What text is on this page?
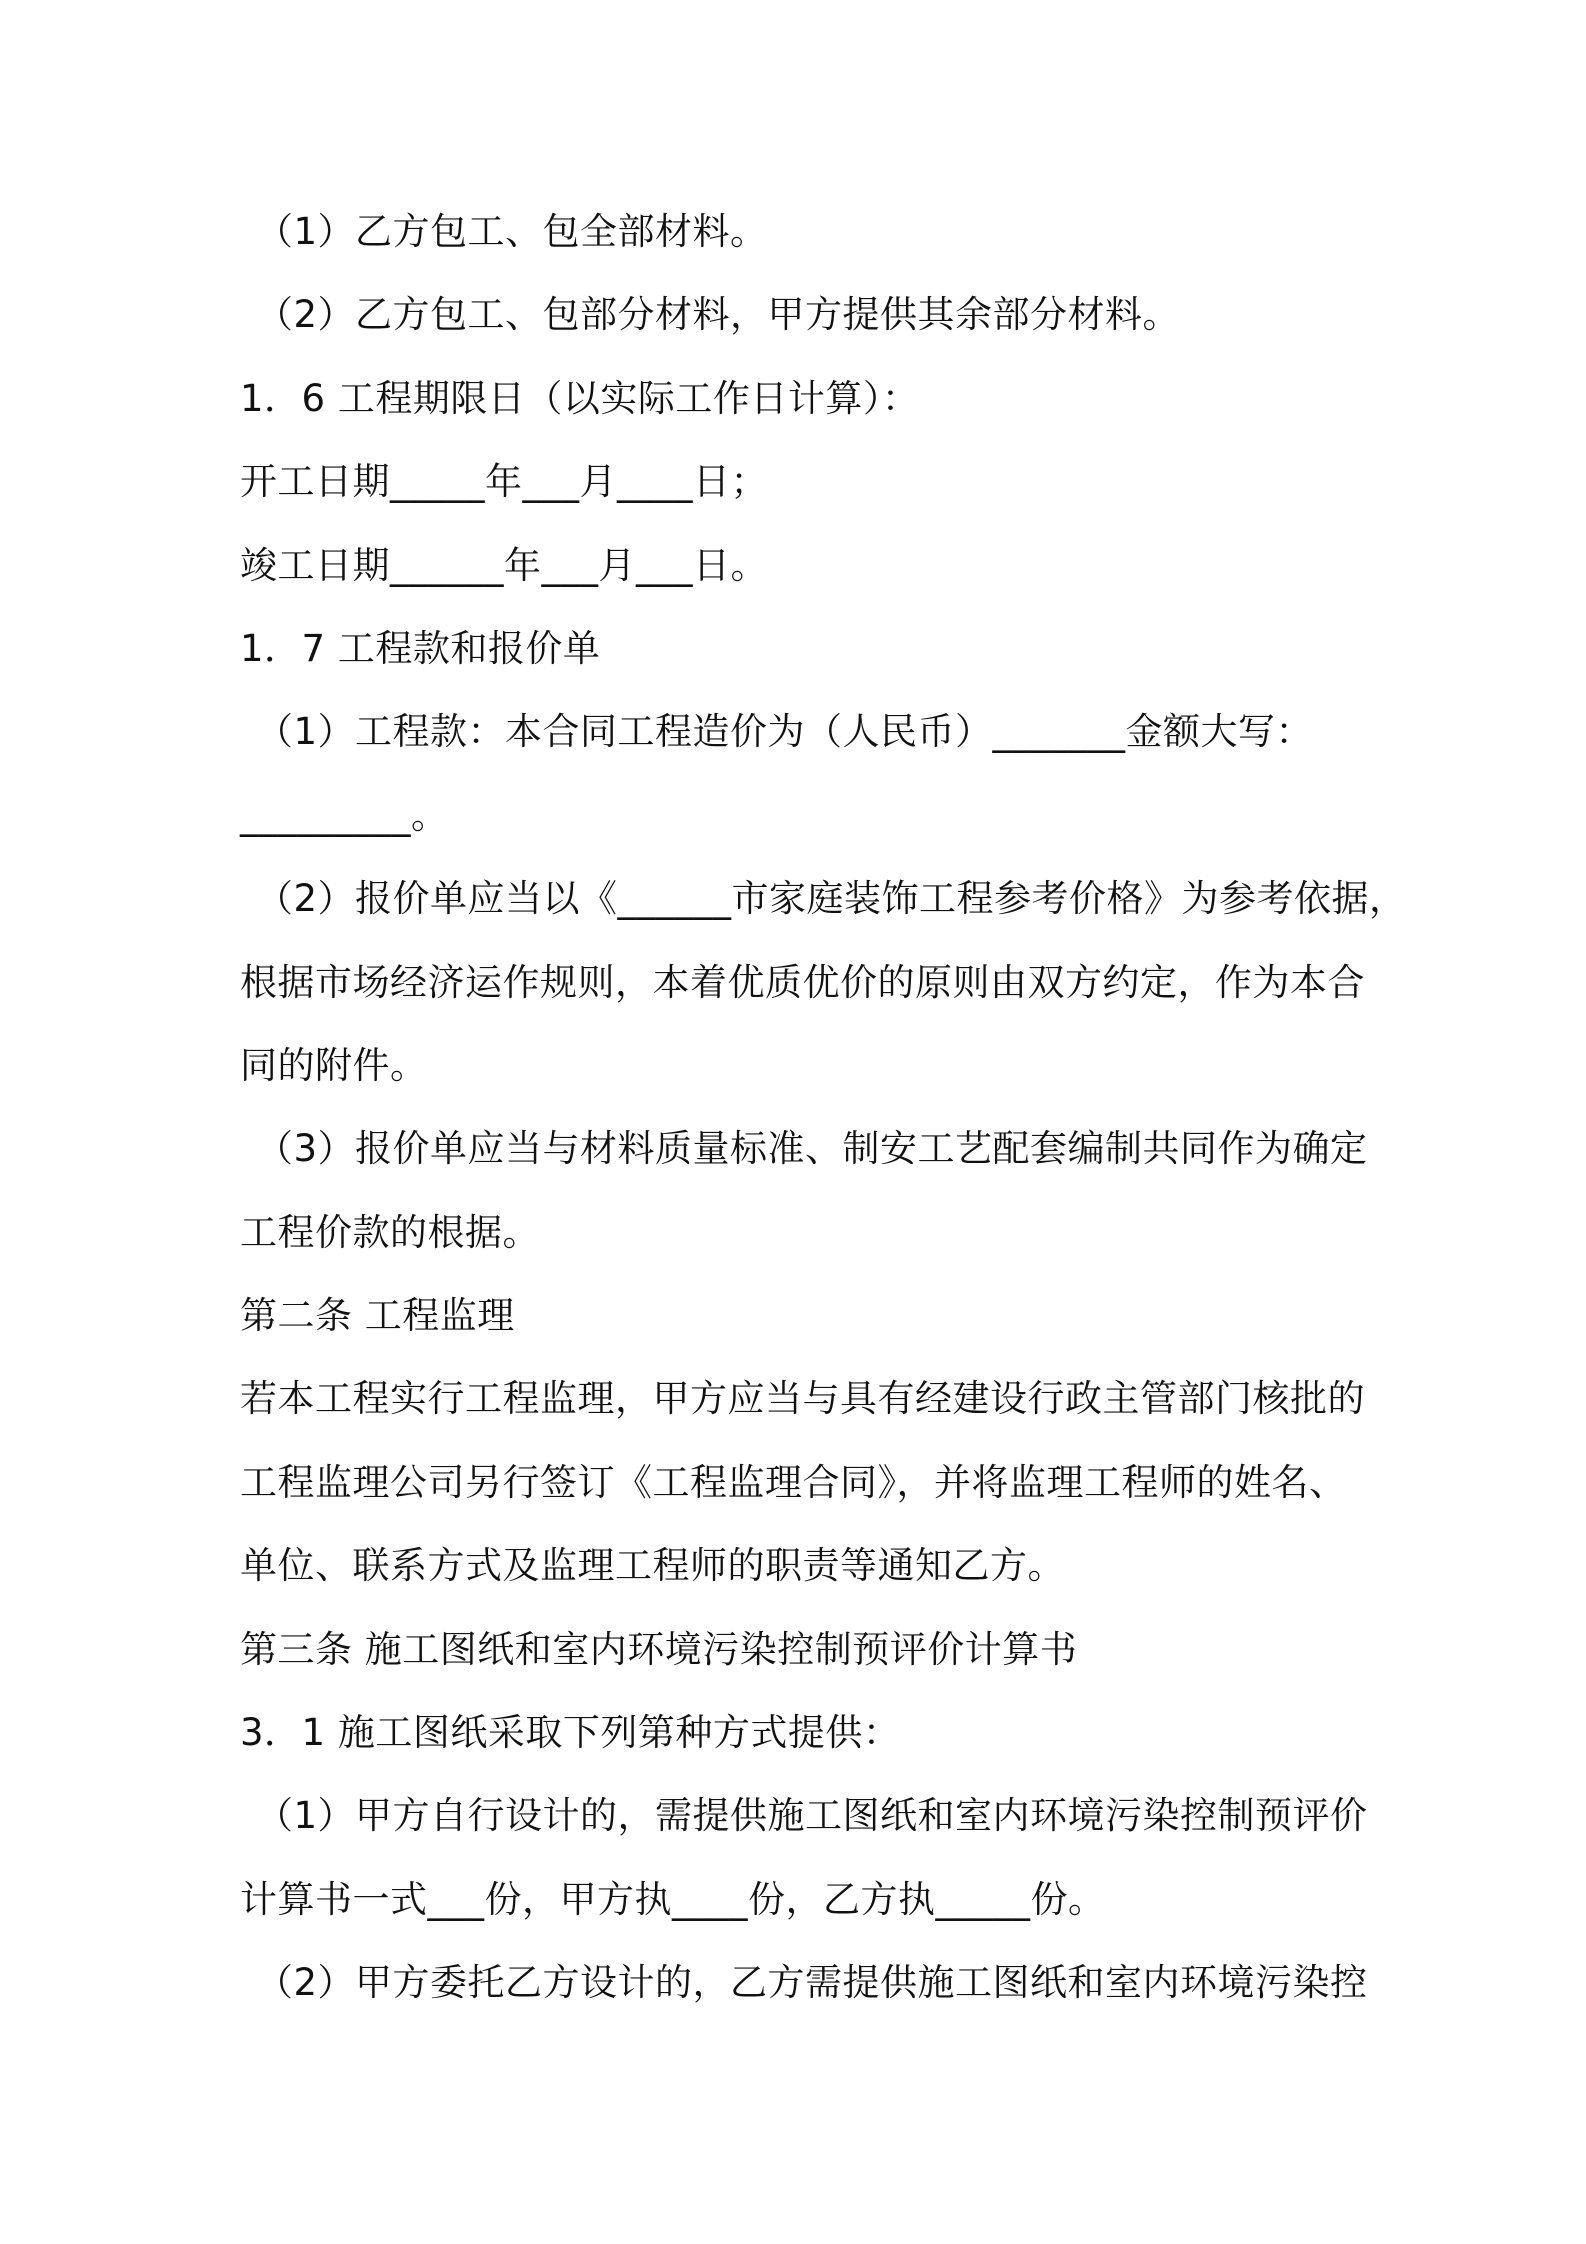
（1）乙方包工、包全部材料。
（2）乙方包工、包部分材料，甲方提供其余部分材料。
1．6 工程期限日（以实际工作日计算）：
开工日期_____年___月____日；
竣工日期______年___月___日。
1．7 工程款和报价单
（1）工程款：本合同工程造价为（人民币）_______金额大写：
_________。
（2）报价单应当以《______市家庭装饰工程参考价格》为参考依据，
根据市场经济运作规则，本着优质优价的原则由双方约定，作为本合
同的附件。
（3）报价单应当与材料质量标准、制安工艺配套编制共同作为确定
工程价款的根据。
第二条 工程监理
若本工程实行工程监理，甲方应当与具有经建设行政主管部门核批的
工程监理公司另行签订《工程监理合同》，并将监理工程师的姓名、
单位、联系方式及监理工程师的职责等通知乙方。
第三条 施工图纸和室内环境污染控制预评价计算书
3．1 施工图纸采取下列第种方式提供：
（1）甲方自行设计的，需提供施工图纸和室内环境污染控制预评价
计算书一式___份，甲方执____份，乙方执_____份。
（2）甲方委托乙方设计的，乙方需提供施工图纸和室内环境污染控
